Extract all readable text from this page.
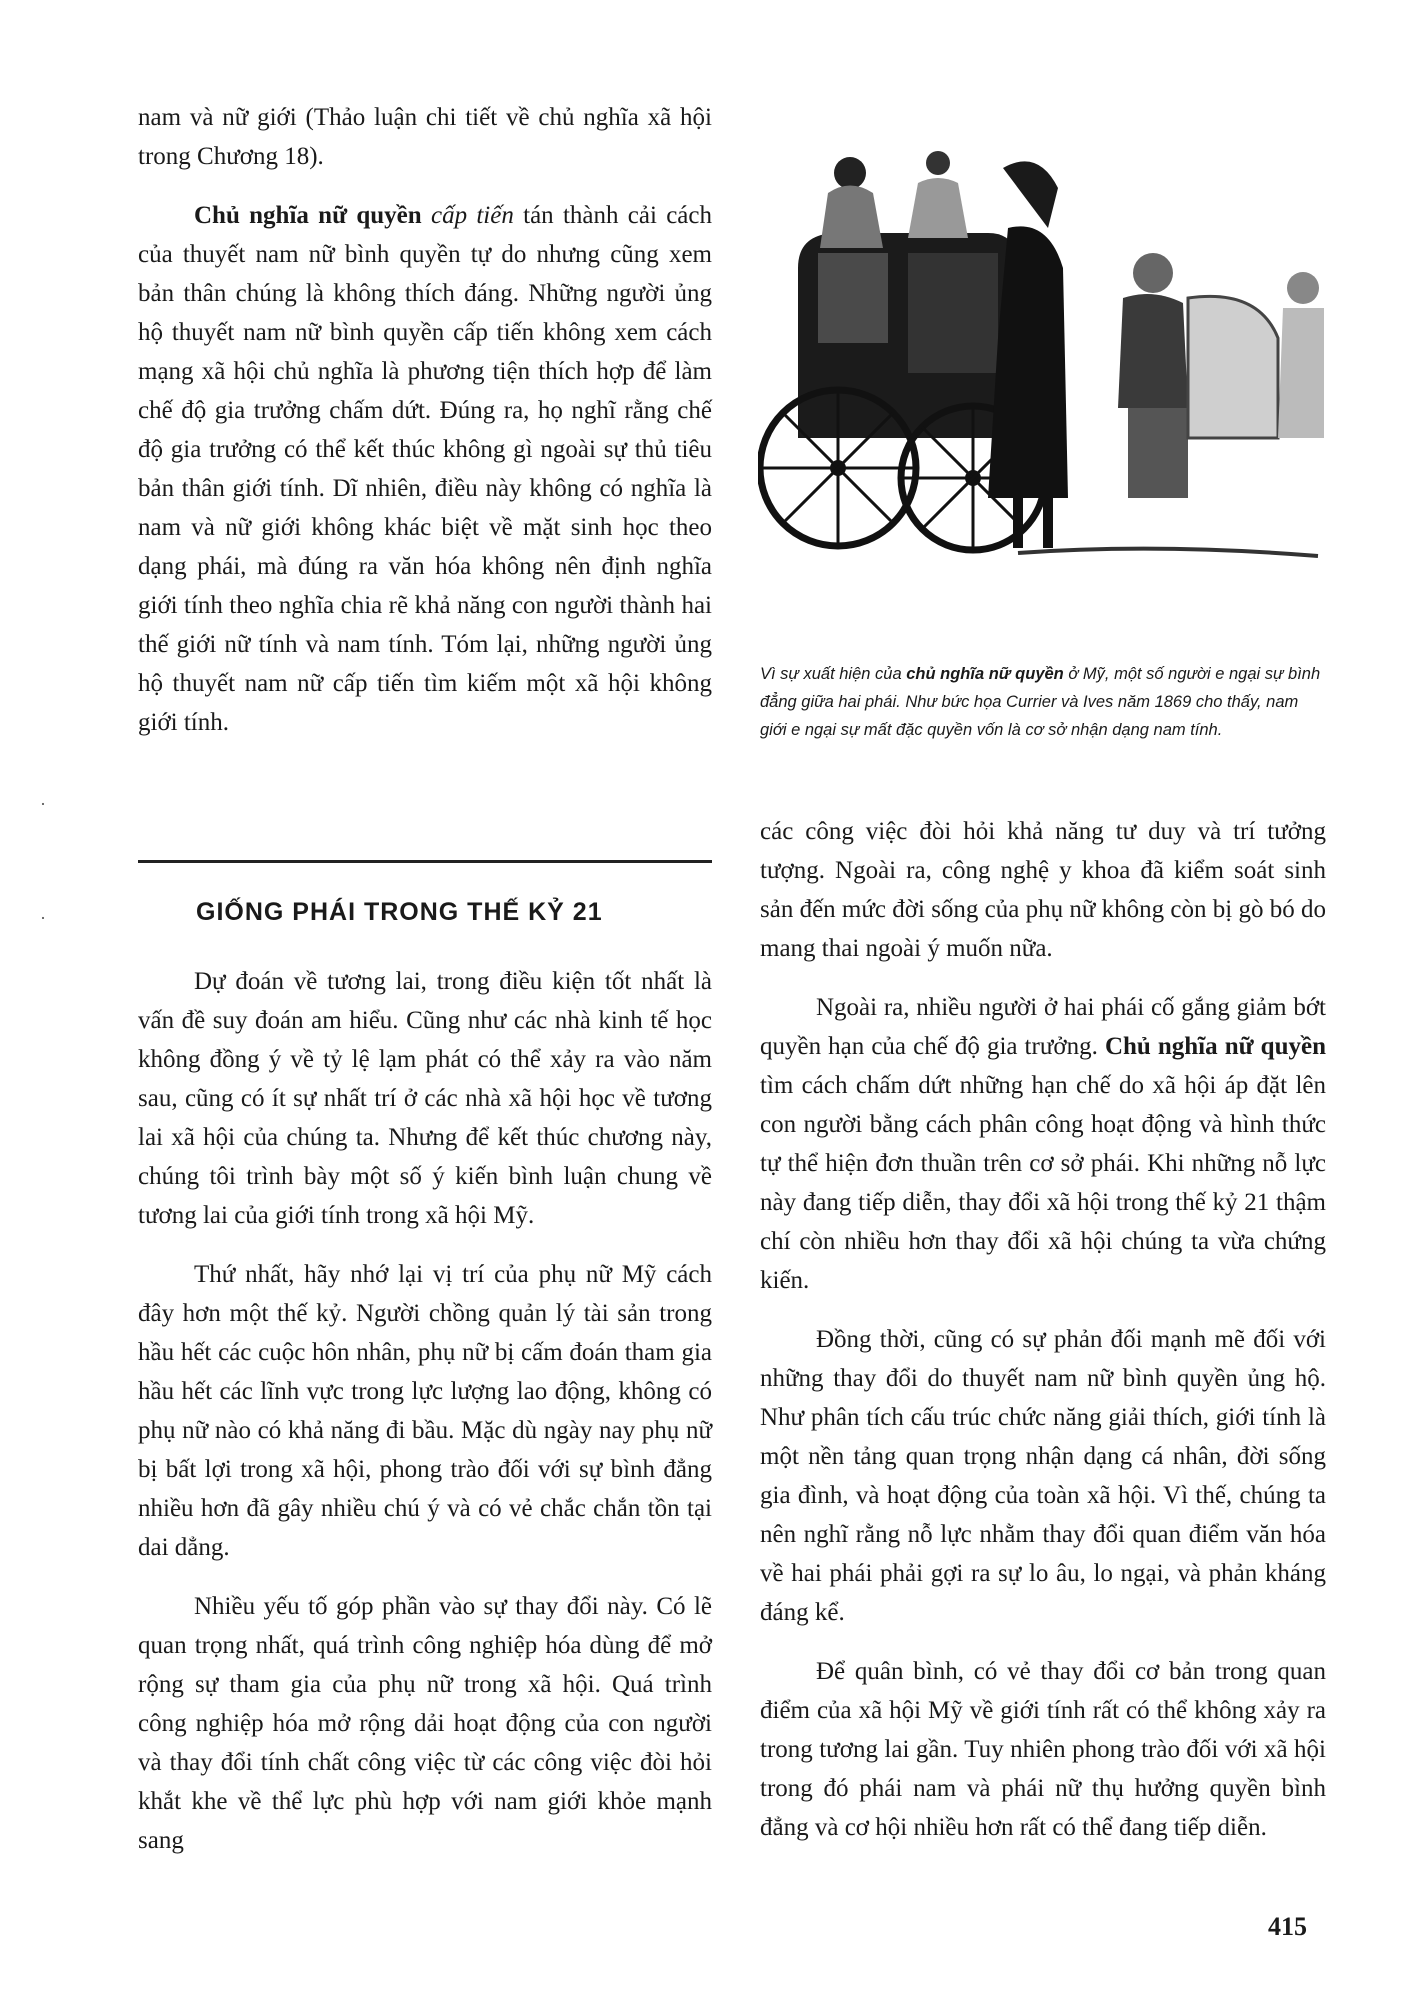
nam và nữ giới (Thảo luận chi tiết về chủ nghĩa xã hội trong Chương 18).

Chủ nghĩa nữ quyền cấp tiến tán thành cải cách của thuyết nam nữ bình quyền tự do nhưng cũng xem bản thân chúng là không thích đáng. Những người ủng hộ thuyết nam nữ bình quyền cấp tiến không xem cách mạng xã hội chủ nghĩa là phương tiện thích hợp để làm chế độ gia trưởng chấm dứt. Đúng ra, họ nghĩ rằng chế độ gia trưởng có thể kết thúc không gì ngoài sự thủ tiêu bản thân giới tính. Dĩ nhiên, điều này không có nghĩa là nam và nữ giới không khác biệt về mặt sinh học theo dạng phái, mà đúng ra văn hóa không nên định nghĩa giới tính theo nghĩa chia rẽ khả năng con người thành hai thế giới nữ tính và nam tính. Tóm lại, những người ủng hộ thuyết nam nữ cấp tiến tìm kiếm một xã hội không giới tính.

GIỐNG PHÁI TRONG THẾ KỶ 21

Dự đoán về tương lai, trong điều kiện tốt nhất là vấn đề suy đoán am hiểu. Cũng như các nhà kinh tế học không đồng ý về tỷ lệ lạm phát có thể xảy ra vào năm sau, cũng có ít sự nhất trí ở các nhà xã hội học về tương lai xã hội của chúng ta. Nhưng để kết thúc chương này, chúng tôi trình bày một số ý kiến bình luận chung về tương lai của giới tính trong xã hội Mỹ.

Thứ nhất, hãy nhớ lại vị trí của phụ nữ Mỹ cách đây hơn một thế kỷ. Người chồng quản lý tài sản trong hầu hết các cuộc hôn nhân, phụ nữ bị cấm đoán tham gia hầu hết các lĩnh vực trong lực lượng lao động, không có phụ nữ nào có khả năng đi bầu. Mặc dù ngày nay phụ nữ bị bất lợi trong xã hội, phong trào đối với sự bình đẳng nhiều hơn đã gây nhiều chú ý và có vẻ chắc chắn tồn tại dai dẳng.

Nhiều yếu tố góp phần vào sự thay đổi này. Có lẽ quan trọng nhất, quá trình công nghiệp hóa dùng để mở rộng sự tham gia của phụ nữ trong xã hội. Quá trình công nghiệp hóa mở rộng dải hoạt động của con người và thay đổi tính chất công việc từ các công việc đòi hỏi khắt khe về thể lực phù hợp với nam giới khỏe mạnh sang

Vì sự xuất hiện của chủ nghĩa nữ quyền ở Mỹ, một số người e ngại sự bình đẳng giữa hai phái. Như bức họa Currier và Ives năm 1869 cho thấy, nam giới e ngại sự mất đặc quyền vốn là cơ sở nhận dạng nam tính.

các công việc đòi hỏi khả năng tư duy và trí tưởng tượng. Ngoài ra, công nghệ y khoa đã kiểm soát sinh sản đến mức đời sống của phụ nữ không còn bị gò bó do mang thai ngoài ý muốn nữa.

Ngoài ra, nhiều người ở hai phái cố gắng giảm bớt quyền hạn của chế độ gia trưởng. Chủ nghĩa nữ quyền tìm cách chấm dứt những hạn chế do xã hội áp đặt lên con người bằng cách phân công hoạt động và hình thức tự thể hiện đơn thuần trên cơ sở phái. Khi những nỗ lực này đang tiếp diễn, thay đổi xã hội trong thế kỷ 21 thậm chí còn nhiều hơn thay đổi xã hội chúng ta vừa chứng kiến.

Đồng thời, cũng có sự phản đối mạnh mẽ đối với những thay đổi do thuyết nam nữ bình quyền ủng hộ. Như phân tích cấu trúc chức năng giải thích, giới tính là một nền tảng quan trọng nhận dạng cá nhân, đời sống gia đình, và hoạt động của toàn xã hội. Vì thế, chúng ta nên nghĩ rằng nỗ lực nhằm thay đổi quan điểm văn hóa về hai phái phải gợi ra sự lo âu, lo ngại, và phản kháng đáng kể.

Để quân bình, có vẻ thay đổi cơ bản trong quan điểm của xã hội Mỹ về giới tính rất có thể không xảy ra trong tương lai gần. Tuy nhiên phong trào đối với xã hội trong đó phái nam và phái nữ thụ hưởng quyền bình đẳng và cơ hội nhiều hơn rất có thể đang tiếp diễn.

415
·
·
